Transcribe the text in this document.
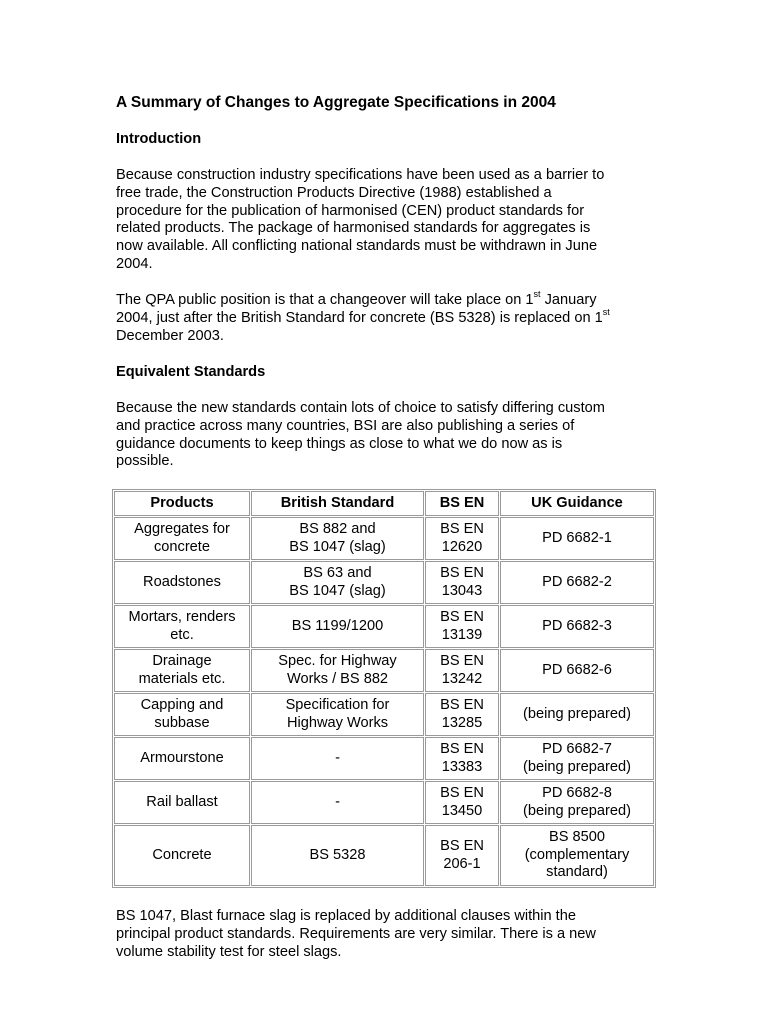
A Summary of Changes to Aggregate Specifications in 2004
Introduction
Because construction industry specifications have been used as a barrier to
free trade, the Construction Products Directive (1988) established a
procedure for the publication of harmonised (CEN) product standards for
related products. The package of harmonised standards for aggregates is
now available. All conflicting national standards must be withdrawn in June
2004.
The QPA public position is that a changeover will take place on 1st January
2004, just after the British Standard for concrete (BS 5328) is replaced on 1st
December 2003.
Equivalent Standards
Because the new standards contain lots of choice to satisfy differing custom
and practice across many countries, BSI are also publishing a series of
guidance documents to keep things as close to what we do now as is
possible.
BS 1047, Blast furnace slag is replaced by additional clauses within the
principal product standards. Requirements are very similar. There is a new
volume stability test for steel slags.
Products	British Standard	BS EN	UK Guidance

Aggregates for
concrete	BS 882 and
BS 1047 (slag)	BS EN
12620	PD 6682-1

Roadstones	BS 63 and
BS 1047 (slag)	BS EN
13043	PD 6682-2

Mortars, renders
etc.	BS 1199/1200	BS EN
13139	PD 6682-3

Drainage
materials etc.	Spec. for Highway
Works / BS 882	BS EN
13242	PD 6682-6

Capping and
subbase	Specification for
Highway Works	BS EN
13285	(being prepared)

Armourstone	-	BS EN
13383	PD 6682-7
(being prepared)

Rail ballast	-	BS EN
13450	PD 6682-8
(being prepared)

Concrete	BS 5328	BS EN
206-1	BS 8500
(complementary
standard)
